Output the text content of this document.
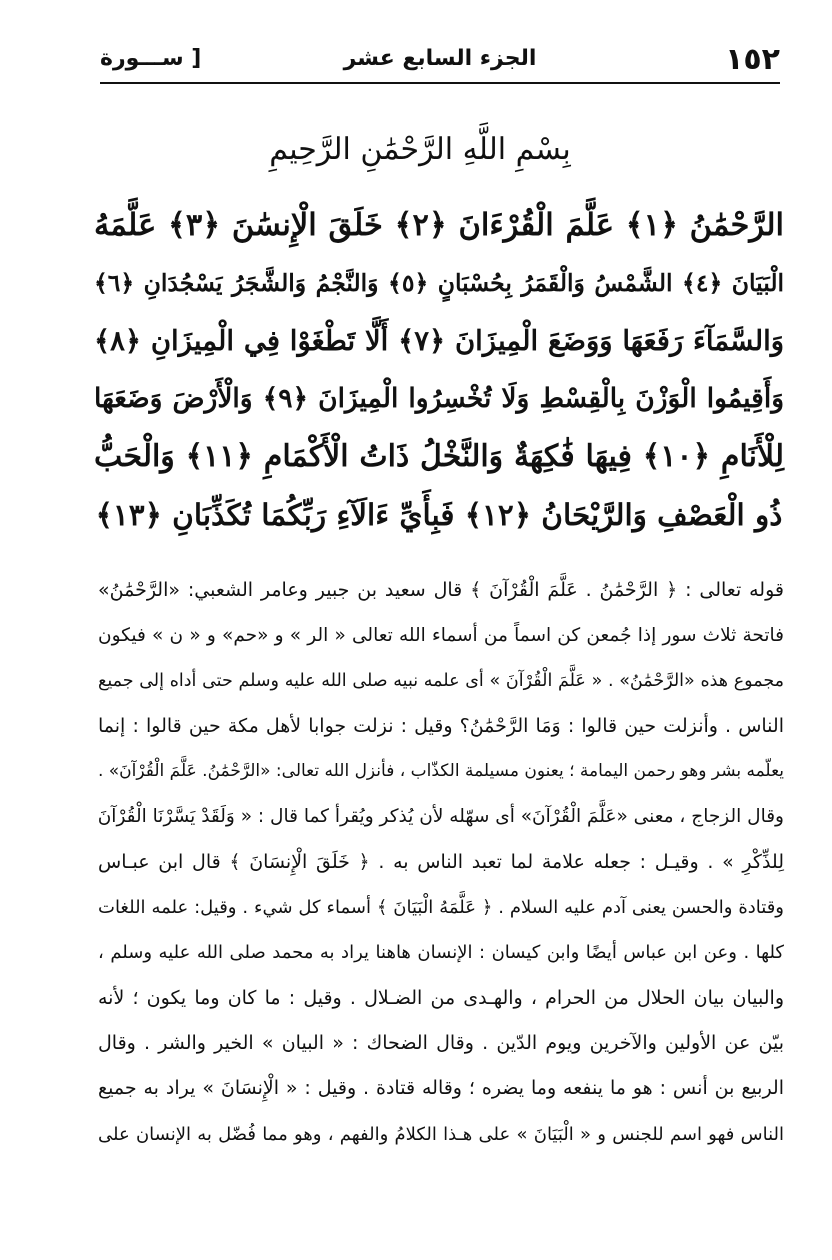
١٥٢
الجزء السابع عشر
[ ســـورة
بِسْمِ اللَّهِ الرَّحْمَٰنِ الرَّحِيمِ
الرَّحْمَٰنُ ﴿١﴾ عَلَّمَ الْقُرْءَانَ ﴿٢﴾ خَلَقَ الْإِنسَٰنَ ﴿٣﴾ عَلَّمَهُ
الْبَيَانَ ﴿٤﴾ الشَّمْسُ وَالْقَمَرُ بِحُسْبَانٍ ﴿٥﴾ وَالنَّجْمُ وَالشَّجَرُ يَسْجُدَانِ ﴿٦﴾
وَالسَّمَآءَ رَفَعَهَا وَوَضَعَ الْمِيزَانَ ﴿٧﴾ أَلَّا تَطْغَوْا فِي الْمِيزَانِ ﴿٨﴾
وَأَقِيمُوا الْوَزْنَ بِالْقِسْطِ وَلَا تُخْسِرُوا الْمِيزَانَ ﴿٩﴾ وَالْأَرْضَ وَضَعَهَا
لِلْأَنَامِ ﴿١٠﴾ فِيهَا فَٰكِهَةٌ وَالنَّخْلُ ذَاتُ الْأَكْمَامِ ﴿١١﴾ وَالْحَبُّ
ذُو الْعَصْفِ وَالرَّيْحَانُ ﴿١٢﴾ فَبِأَيِّ ءَالَآءِ رَبِّكُمَا تُكَذِّبَانِ ﴿١٣﴾
قوله تعالى : ﴿ الرَّحْمَٰنُ . عَلَّمَ الْقُرْآنَ ﴾ قال سعيد بن جبير وعامر الشعبي: «الرَّحْمَٰنُ»
فاتحة ثلاث سور إذا جُمعن كن اسماً من أسماء الله تعالى « الر » و «حم» و « ن » فيكون
مجموع هذه «الرَّحْمَٰنُ» . « عَلَّمَ الْقُرْآنَ » أى علمه نبيه صلى الله عليه وسلم حتى أداه إلى جميع
الناس . وأنزلت حين قالوا : وَمَا الرَّحْمَٰنُ؟ وقيل : نزلت جوابا لأهل مكة حين قالوا : إنما
يعلّمه بشر وهو رحمن اليمامة ؛ يعنون مسيلمة الكذّاب ، فأنزل الله تعالى: «الرَّحْمَٰنُ. عَلَّمَ الْقُرْآنَ» .
وقال الزجاج ، معنى «عَلَّمَ الْقُرْآنَ» أى سهّله لأن يُذكر ويُقرأ كما قال : « وَلَقَدْ يَسَّرْنَا الْقُرْآنَ
لِلذِّكْرِ » . وقيـل : جعله علامة لما تعبد الناس به . ﴿ خَلَقَ الْإِنسَانَ ﴾ قال ابن عبـاس
وقتادة والحسن يعنى آدم عليه السلام . ﴿ عَلَّمَهُ الْبَيَانَ ﴾ أسماء كل شيء . وقيل: علمه اللغات
كلها . وعن ابن عباس أيضًا وابن كيسان : الإنسان هاهنا يراد به محمد صلى الله عليه وسلم ،
والبيان بيان الحلال من الحرام ، والهـدى من الضـلال . وقيل : ما كان وما يكون ؛ لأنه
بيّن عن الأولين والآخرين ويوم الدّين . وقال الضحاك : « البيان » الخير والشر . وقال
الربيع بن أنس : هو ما ينفعه وما يضره ؛ وقاله قتادة . وقيل : « الْإِنسَانَ » يراد به جميع
الناس فهو اسم للجنس و « الْبَيَانَ » على هـذا الكلامُ والفهم ، وهو مما فُضّل به الإنسان على
